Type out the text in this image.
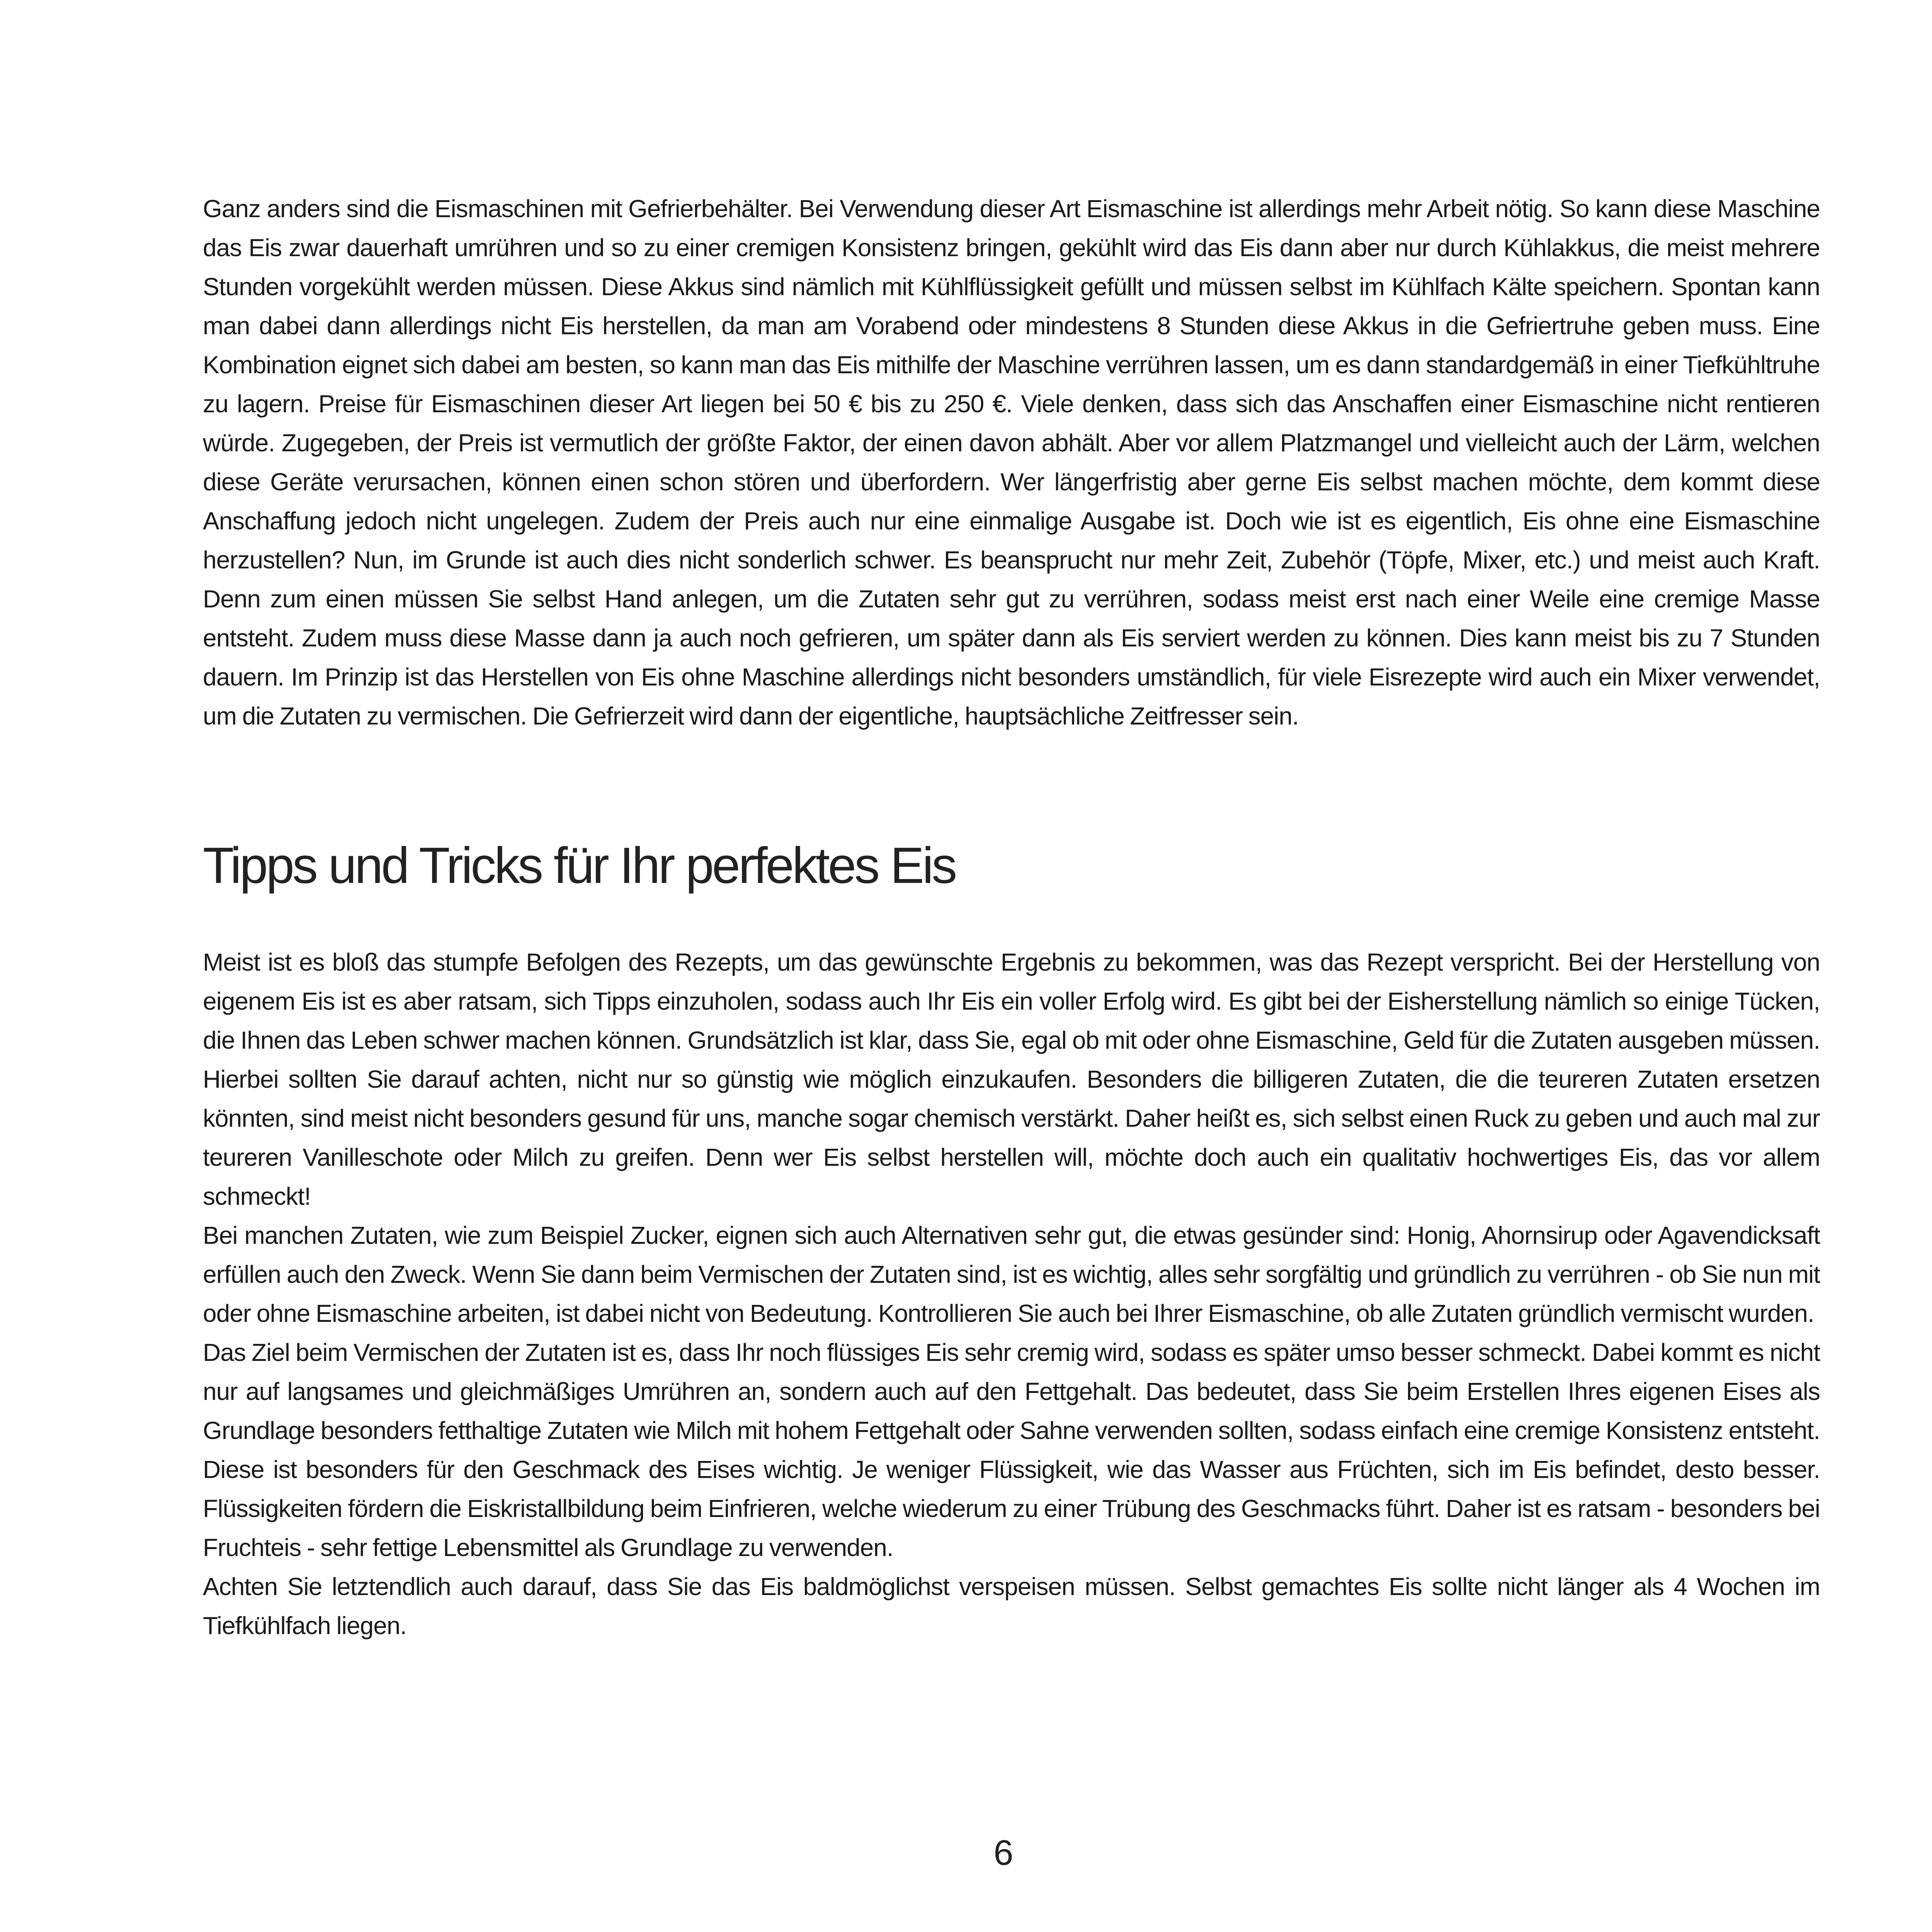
Ganz anders sind die Eismaschinen mit Gefrierbehälter. Bei Verwendung dieser Art Eismaschine ist allerdings mehr Arbeit nötig. So kann diese Maschine das Eis zwar dauerhaft umrühren und so zu einer cremigen Konsistenz bringen, gekühlt wird das Eis dann aber nur durch Kühlakkus, die meist mehrere Stunden vorgekühlt werden müssen. Diese Akkus sind nämlich mit Kühlflüssigkeit gefüllt und müssen selbst im Kühlfach Kälte speichern. Spontan kann man dabei dann allerdings nicht Eis herstellen, da man am Vorabend oder mindestens 8 Stunden diese Akkus in die Gefriertruhe geben muss. Eine Kombination eignet sich dabei am besten, so kann man das Eis mithilfe der Maschine verrühren lassen, um es dann standardgemäß in einer Tiefkühltruhe zu lagern. Preise für Eismaschinen dieser Art liegen bei 50 € bis zu 250 €. Viele denken, dass sich das Anschaffen einer Eismaschine nicht rentieren würde. Zugegeben, der Preis ist vermutlich der größte Faktor, der einen davon abhält. Aber vor allem Platzmangel und vielleicht auch der Lärm, welchen diese Geräte verursachen, können einen schon stören und überfordern. Wer längerfristig aber gerne Eis selbst machen möchte, dem kommt diese Anschaffung jedoch nicht ungelegen. Zudem der Preis auch nur eine einmalige Ausgabe ist. Doch wie ist es eigentlich, Eis ohne eine Eismaschine herzustellen? Nun, im Grunde ist auch dies nicht sonderlich schwer. Es beansprucht nur mehr Zeit, Zubehör (Töpfe, Mixer, etc.) und meist auch Kraft. Denn zum einen müssen Sie selbst Hand anlegen, um die Zutaten sehr gut zu verrühren, sodass meist erst nach einer Weile eine cremige Masse entsteht. Zudem muss diese Masse dann ja auch noch gefrieren, um später dann als Eis serviert werden zu können. Dies kann meist bis zu 7 Stunden dauern. Im Prinzip ist das Herstellen von Eis ohne Maschine allerdings nicht besonders umständlich, für viele Eisrezepte wird auch ein Mixer verwendet, um die Zutaten zu vermischen. Die Gefrierzeit wird dann der eigentliche, hauptsächliche Zeitfresser sein.

Tipps und Tricks für Ihr perfektes Eis

Meist ist es bloß das stumpfe Befolgen des Rezepts, um das gewünschte Ergebnis zu bekommen, was das Rezept verspricht. Bei der Herstellung von eigenem Eis ist es aber ratsam, sich Tipps einzuholen, sodass auch Ihr Eis ein voller Erfolg wird. Es gibt bei der Eisherstellung nämlich so einige Tücken, die Ihnen das Leben schwer machen können. Grundsätzlich ist klar, dass Sie, egal ob mit oder ohne Eismaschine, Geld für die Zutaten ausgeben müssen. Hierbei sollten Sie darauf achten, nicht nur so günstig wie möglich einzukaufen. Besonders die billigeren Zutaten, die die teureren Zutaten ersetzen könnten, sind meist nicht besonders gesund für uns, manche sogar chemisch verstärkt. Daher heißt es, sich selbst einen Ruck zu geben und auch mal zur teureren Vanilleschote oder Milch zu greifen. Denn wer Eis selbst herstellen will, möchte doch auch ein qualitativ hochwertiges Eis, das vor allem schmeckt!

Bei manchen Zutaten, wie zum Beispiel Zucker, eignen sich auch Alternativen sehr gut, die etwas gesünder sind: Honig, Ahornsirup oder Agavendicksaft erfüllen auch den Zweck. Wenn Sie dann beim Vermischen der Zutaten sind, ist es wichtig, alles sehr sorgfältig und gründlich zu verrühren - ob Sie nun mit oder ohne Eismaschine arbeiten, ist dabei nicht von Bedeutung. Kontrollieren Sie auch bei Ihrer Eismaschine, ob alle Zutaten gründlich vermischt wurden.

Das Ziel beim Vermischen der Zutaten ist es, dass Ihr noch flüssiges Eis sehr cremig wird, sodass es später umso besser schmeckt. Dabei kommt es nicht nur auf langsames und gleichmäßiges Umrühren an, sondern auch auf den Fettgehalt. Das bedeutet, dass Sie beim Erstellen Ihres eigenen Eises als Grundlage besonders fetthaltige Zutaten wie Milch mit hohem Fettgehalt oder Sahne verwenden sollten, sodass einfach eine cremige Konsistenz entsteht. Diese ist besonders für den Geschmack des Eises wichtig. Je weniger Flüssigkeit, wie das Wasser aus Früchten, sich im Eis befindet, desto besser. Flüssigkeiten fördern die Eiskristallbildung beim Einfrieren, welche wiederum zu einer Trübung des Geschmacks führt. Daher ist es ratsam - besonders bei Fruchteis - sehr fettige Lebensmittel als Grundlage zu verwenden.

Achten Sie letztendlich auch darauf, dass Sie das Eis baldmöglichst verspeisen müssen. Selbst gemachtes Eis sollte nicht länger als 4 Wochen im Tiefkühlfach liegen.

6
